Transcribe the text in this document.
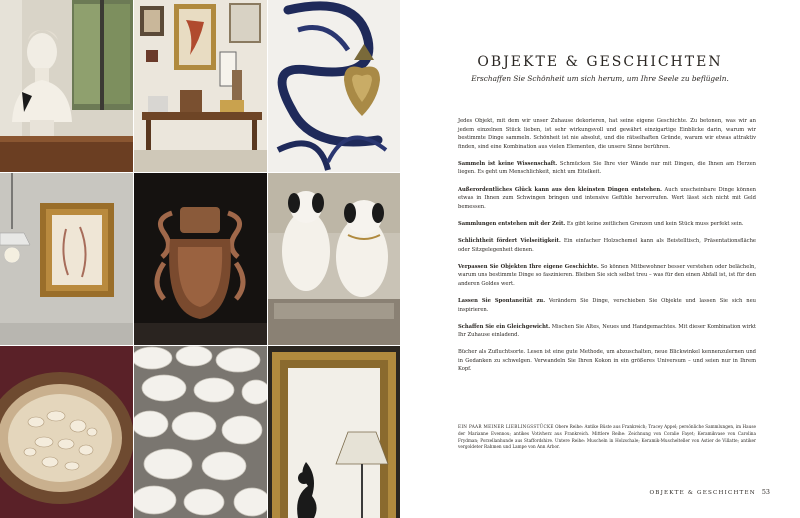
OBJEKTE & GESCHICHTEN

Erschaffen Sie Schönheit um sich herum, um Ihre Seele zu beflügeln.

Jedes Objekt, mit dem wir unser Zuhause dekorieren, hat seine eigene Geschichte. Zu betonen, was wir an jedem einzelnen Stück lieben, ist sehr wirkungsvoll und gewährt einzigartige Einblicke darin, warum wir bestimmte Dinge sammeln. Schönheit ist nie absolut, und die rätselhaften Gründe, warum wir etwas attraktiv finden, sind eine Kombination aus vielen Elementen, die unsere Sinne berühren.

Sammeln ist keine Wissenschaft. Schmücken Sie Ihre vier Wände nur mit Dingen, die Ihnen am Herzen liegen. Es geht um Menschlichkeit, nicht um Eitelkeit.

Außerordentliches Glück kann aus den kleinsten Dingen entstehen. Auch unscheinbare Dinge können etwas in Ihnen zum Schwingen bringen und intensive Gefühle hervorrufen. Wert lässt sich nicht mit Geld bemessen.

Sammlungen entstehen mit der Zeit. Es gibt keine zeitlichen Grenzen und kein Stück muss perfekt sein.

Schlichtheit fördert Vielseitigkeit. Ein einfacher Holzschemel kann als Beistelltisch, Präsentationsfläche oder Sitzgelegenheit dienen.

Verpassen Sie Objekten Ihre eigene Geschichte. So können Mitbewohner besser verstehen oder belächeln, warum uns bestimmte Dinge so faszinieren. Bleiben Sie sich selbst treu – was für den einen Abfall ist, ist für den anderen Goldes wert.

Lassen Sie Spontaneität zu. Verändern Sie Dinge, verschieben Sie Objekte und lassen Sie sich neu inspirieren.

Schaffen Sie ein Gleichgewicht. Mischen Sie Altes, Neues und Handgemachtes. Mit dieser Kombination wirkt Ihr Zuhause einladend.

Bücher als Zufluchtsorte. Lesen ist eine gute Methode, um abzuschalten, neue Blickwinkel kennenzulernen und in Gedanken zu schwelgen. Verwandeln Sie Ihren Kokon in ein größeres Universum – und seien nur in Ihrem Kopf.

EIN PAAR MEINER LIEBLINGSSTÜCKE Obere Reihe: Antike Büste aus Frankreich; Tracey Appel; persönliche Sammlungen, im Hause der Marianne Evennou; antikes Votivherz aus Frankreich. Mittlere Reihe: Zeichnung von Coralie Fayet; Keramikvase von Carolina Frydman; Porzellanhunde aus Staffordshire. Untere Reihe: Muscheln in Holzschale; Keramik-Muschelteller von Astier de Villatte; antiker vergoldeter Rahmen und Lampe von Ann Arbor.
OBJEKTE & GESCHICHTEN 53
